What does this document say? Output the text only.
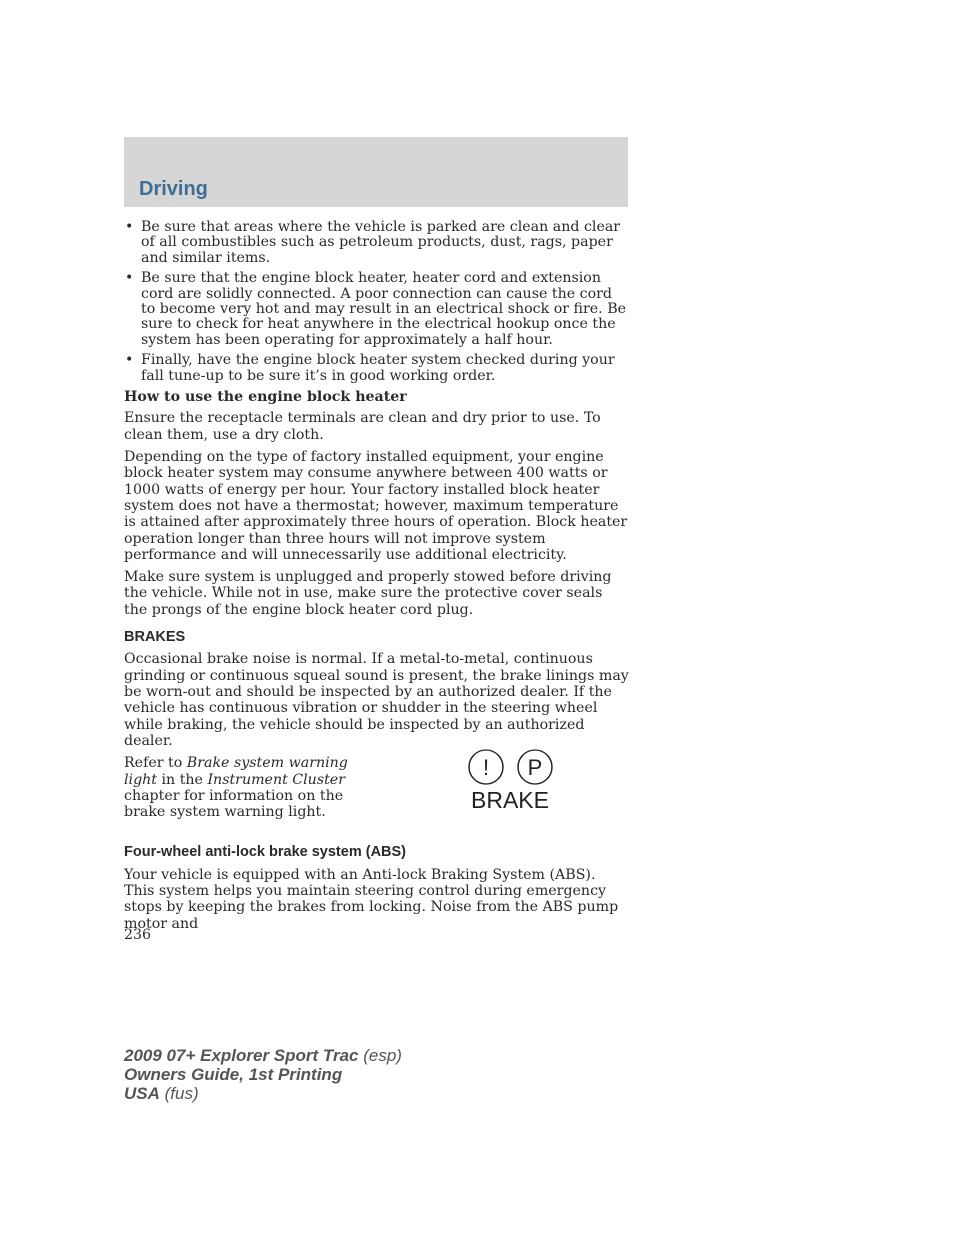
Driving
• Be sure that areas where the vehicle is parked are clean and clear of all combustibles such as petroleum products, dust, rags, paper and similar items.
• Be sure that the engine block heater, heater cord and extension cord are solidly connected. A poor connection can cause the cord to become very hot and may result in an electrical shock or fire. Be sure to check for heat anywhere in the electrical hookup once the system has been operating for approximately a half hour.
• Finally, have the engine block heater system checked during your fall tune-up to be sure it’s in good working order.
How to use the engine block heater

Ensure the receptacle terminals are clean and dry prior to use. To clean them, use a dry cloth.

Depending on the type of factory installed equipment, your engine block heater system may consume anywhere between 400 watts or 1000 watts of energy per hour. Your factory installed block heater system does not have a thermostat; however, maximum temperature is attained after approximately three hours of operation. Block heater operation longer than three hours will not improve system performance and will unnecessarily use additional electricity.

Make sure system is unplugged and properly stowed before driving the vehicle. While not in use, make sure the protective cover seals the prongs of the engine block heater cord plug.

BRAKES

Occasional brake noise is normal. If a metal-to-metal, continuous grinding or continuous squeal sound is present, the brake linings may be worn-out and should be inspected by an authorized dealer. If the vehicle has continuous vibration or shudder in the steering wheel while braking, the vehicle should be inspected by an authorized dealer.

Refer to Brake system warning light in the Instrument Cluster chapter for information on the brake system warning light.
! P
BRAKE
Four-wheel anti-lock brake system (ABS)

Your vehicle is equipped with an Anti-lock Braking System (ABS). This system helps you maintain steering control during emergency stops by keeping the brakes from locking. Noise from the ABS pump motor and

236
2009 07+ Explorer Sport Trac (esp)
Owners Guide, 1st Printing
USA (fus)
